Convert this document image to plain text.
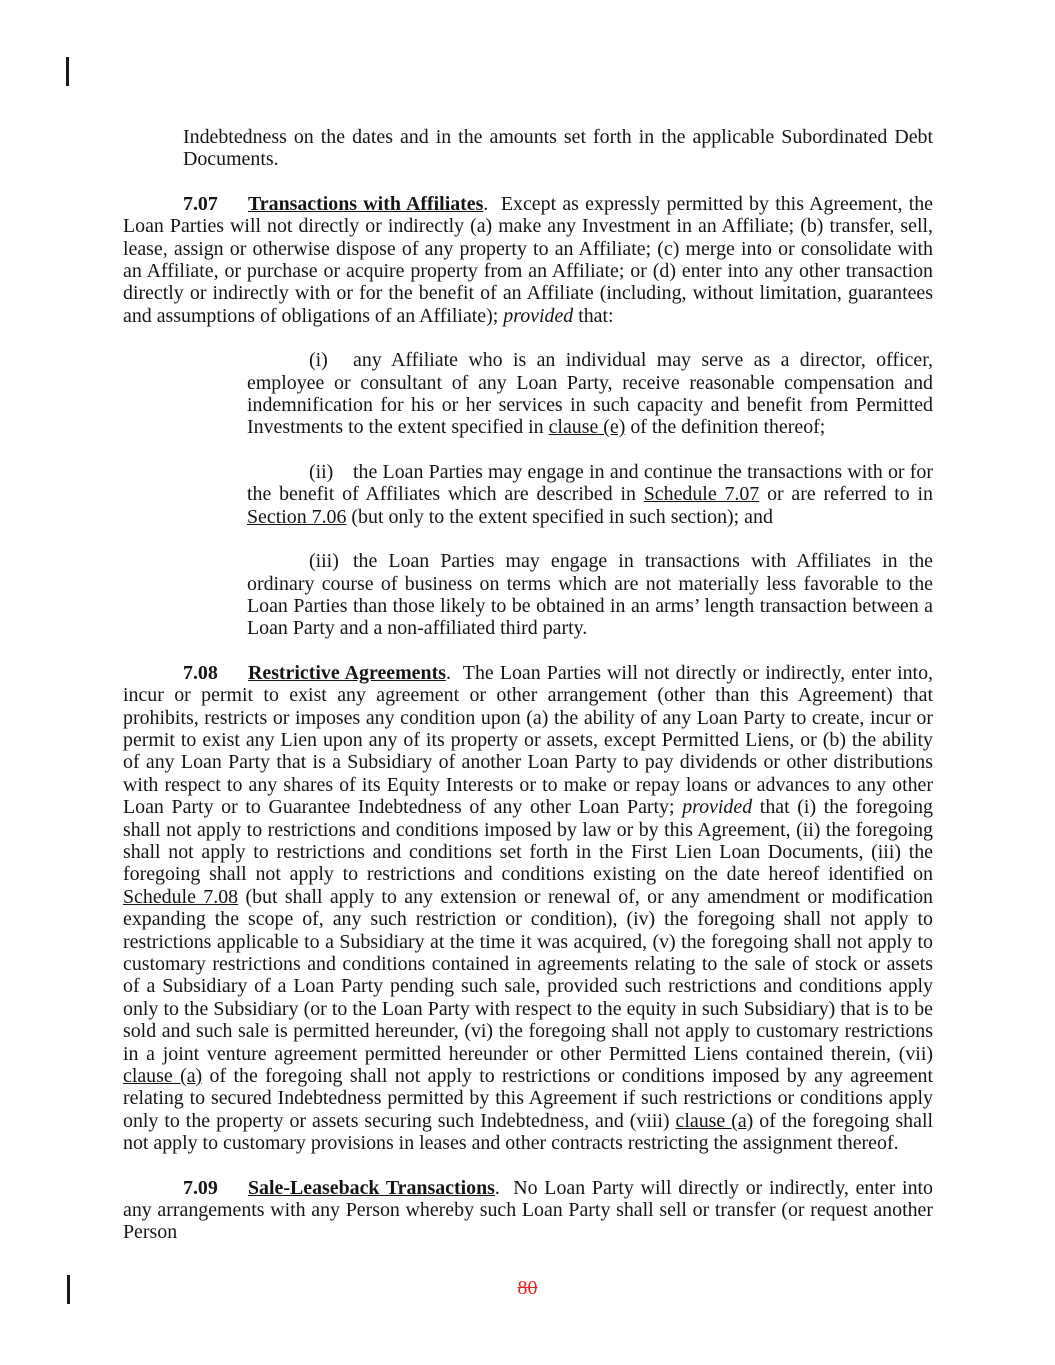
Indebtedness on the dates and in the amounts set forth in the applicable Subordinated Debt Documents.

7.07 Transactions with Affiliates.  Except as expressly permitted by this Agreement, the Loan Parties will not directly or indirectly (a) make any Investment in an Affiliate; (b) transfer, sell, lease, assign or otherwise dispose of any property to an Affiliate; (c) merge into or consolidate with an Affiliate, or purchase or acquire property from an Affiliate; or (d) enter into any other transaction directly or indirectly with or for the benefit of an Affiliate (including, without limitation, guarantees and assumptions of obligations of an Affiliate); provided that:

(i) any Affiliate who is an individual may serve as a director, officer, employee or consultant of any Loan Party, receive reasonable compensation and indemnification for his or her services in such capacity and benefit from Permitted Investments to the extent specified in clause (e) of the definition thereof;

(ii) the Loan Parties may engage in and continue the transactions with or for the benefit of Affiliates which are described in Schedule 7.07 or are referred to in Section 7.06 (but only to the extent specified in such section); and

(iii) the Loan Parties may engage in transactions with Affiliates in the ordinary course of business on terms which are not materially less favorable to the Loan Parties than those likely to be obtained in an arms’ length transaction between a Loan Party and a non-affiliated third party.

7.08 Restrictive Agreements.  The Loan Parties will not directly or indirectly, enter into, incur or permit to exist any agreement or other arrangement (other than this Agreement) that prohibits, restricts or imposes any condition upon (a) the ability of any Loan Party to create, incur or permit to exist any Lien upon any of its property or assets, except Permitted Liens, or (b) the ability of any Loan Party that is a Subsidiary of another Loan Party to pay dividends or other distributions with respect to any shares of its Equity Interests or to make or repay loans or advances to any other Loan Party or to Guarantee Indebtedness of any other Loan Party; provided that (i) the foregoing shall not apply to restrictions and conditions imposed by law or by this Agreement, (ii) the foregoing shall not apply to restrictions and conditions set forth in the First Lien Loan Documents, (iii) the foregoing shall not apply to restrictions and conditions existing on the date hereof identified on Schedule 7.08 (but shall apply to any extension or renewal of, or any amendment or modification expanding the scope of, any such restriction or condition), (iv) the foregoing shall not apply to restrictions applicable to a Subsidiary at the time it was acquired, (v) the foregoing shall not apply to customary restrictions and conditions contained in agreements relating to the sale of stock or assets of a Subsidiary of a Loan Party pending such sale, provided such restrictions and conditions apply only to the Subsidiary (or to the Loan Party with respect to the equity in such Subsidiary) that is to be sold and such sale is permitted hereunder, (vi) the foregoing shall not apply to customary restrictions in a joint venture agreement permitted hereunder or other Permitted Liens contained therein, (vii) clause (a) of the foregoing shall not apply to restrictions or conditions imposed by any agreement relating to secured Indebtedness permitted by this Agreement if such restrictions or conditions apply only to the property or assets securing such Indebtedness, and (viii) clause (a) of the foregoing shall not apply to customary provisions in leases and other contracts restricting the assignment thereof.

7.09 Sale-Leaseback Transactions.  No Loan Party will directly or indirectly, enter into any arrangements with any Person whereby such Loan Party shall sell or transfer (or request another Person

80
